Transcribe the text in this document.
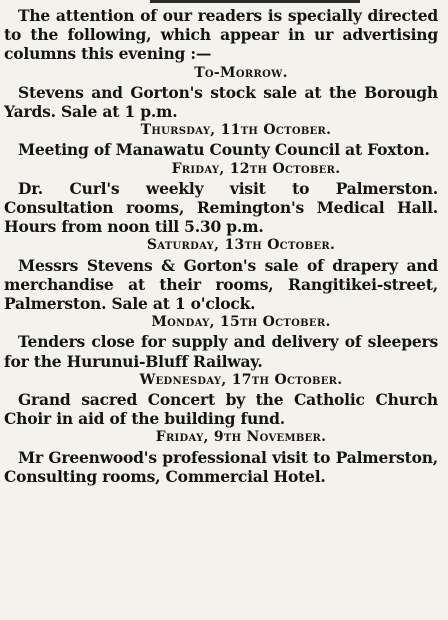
The attention of our readers is specially directed to the following, which appear in ur advertising columns this evening :—

To-Morrow.

Stevens and Gorton's stock sale at the Borough Yards. Sale at 1 p.m.

Thursday, 11th October.

Meeting of Manawatu County Council at Foxton.

Friday, 12th October.

Dr. Curl's weekly visit to Palmerston. Consultation rooms, Remington's Medical Hall. Hours from noon till 5.30 p.m.

Saturday, 13th October.

Messrs Stevens & Gorton's sale of drapery and merchandise at their rooms, Rangitikei-street, Palmerston. Sale at 1 o'clock.

Monday, 15th October.

Tenders close for supply and delivery of sleepers for the Hurunui-Bluff Railway.

Wednesday, 17th October.

Grand sacred Concert by the Catholic Church Choir in aid of the building fund.

Friday, 9th November.

Mr Greenwood's professional visit to Palmerston, Consulting rooms, Commercial Hotel.
